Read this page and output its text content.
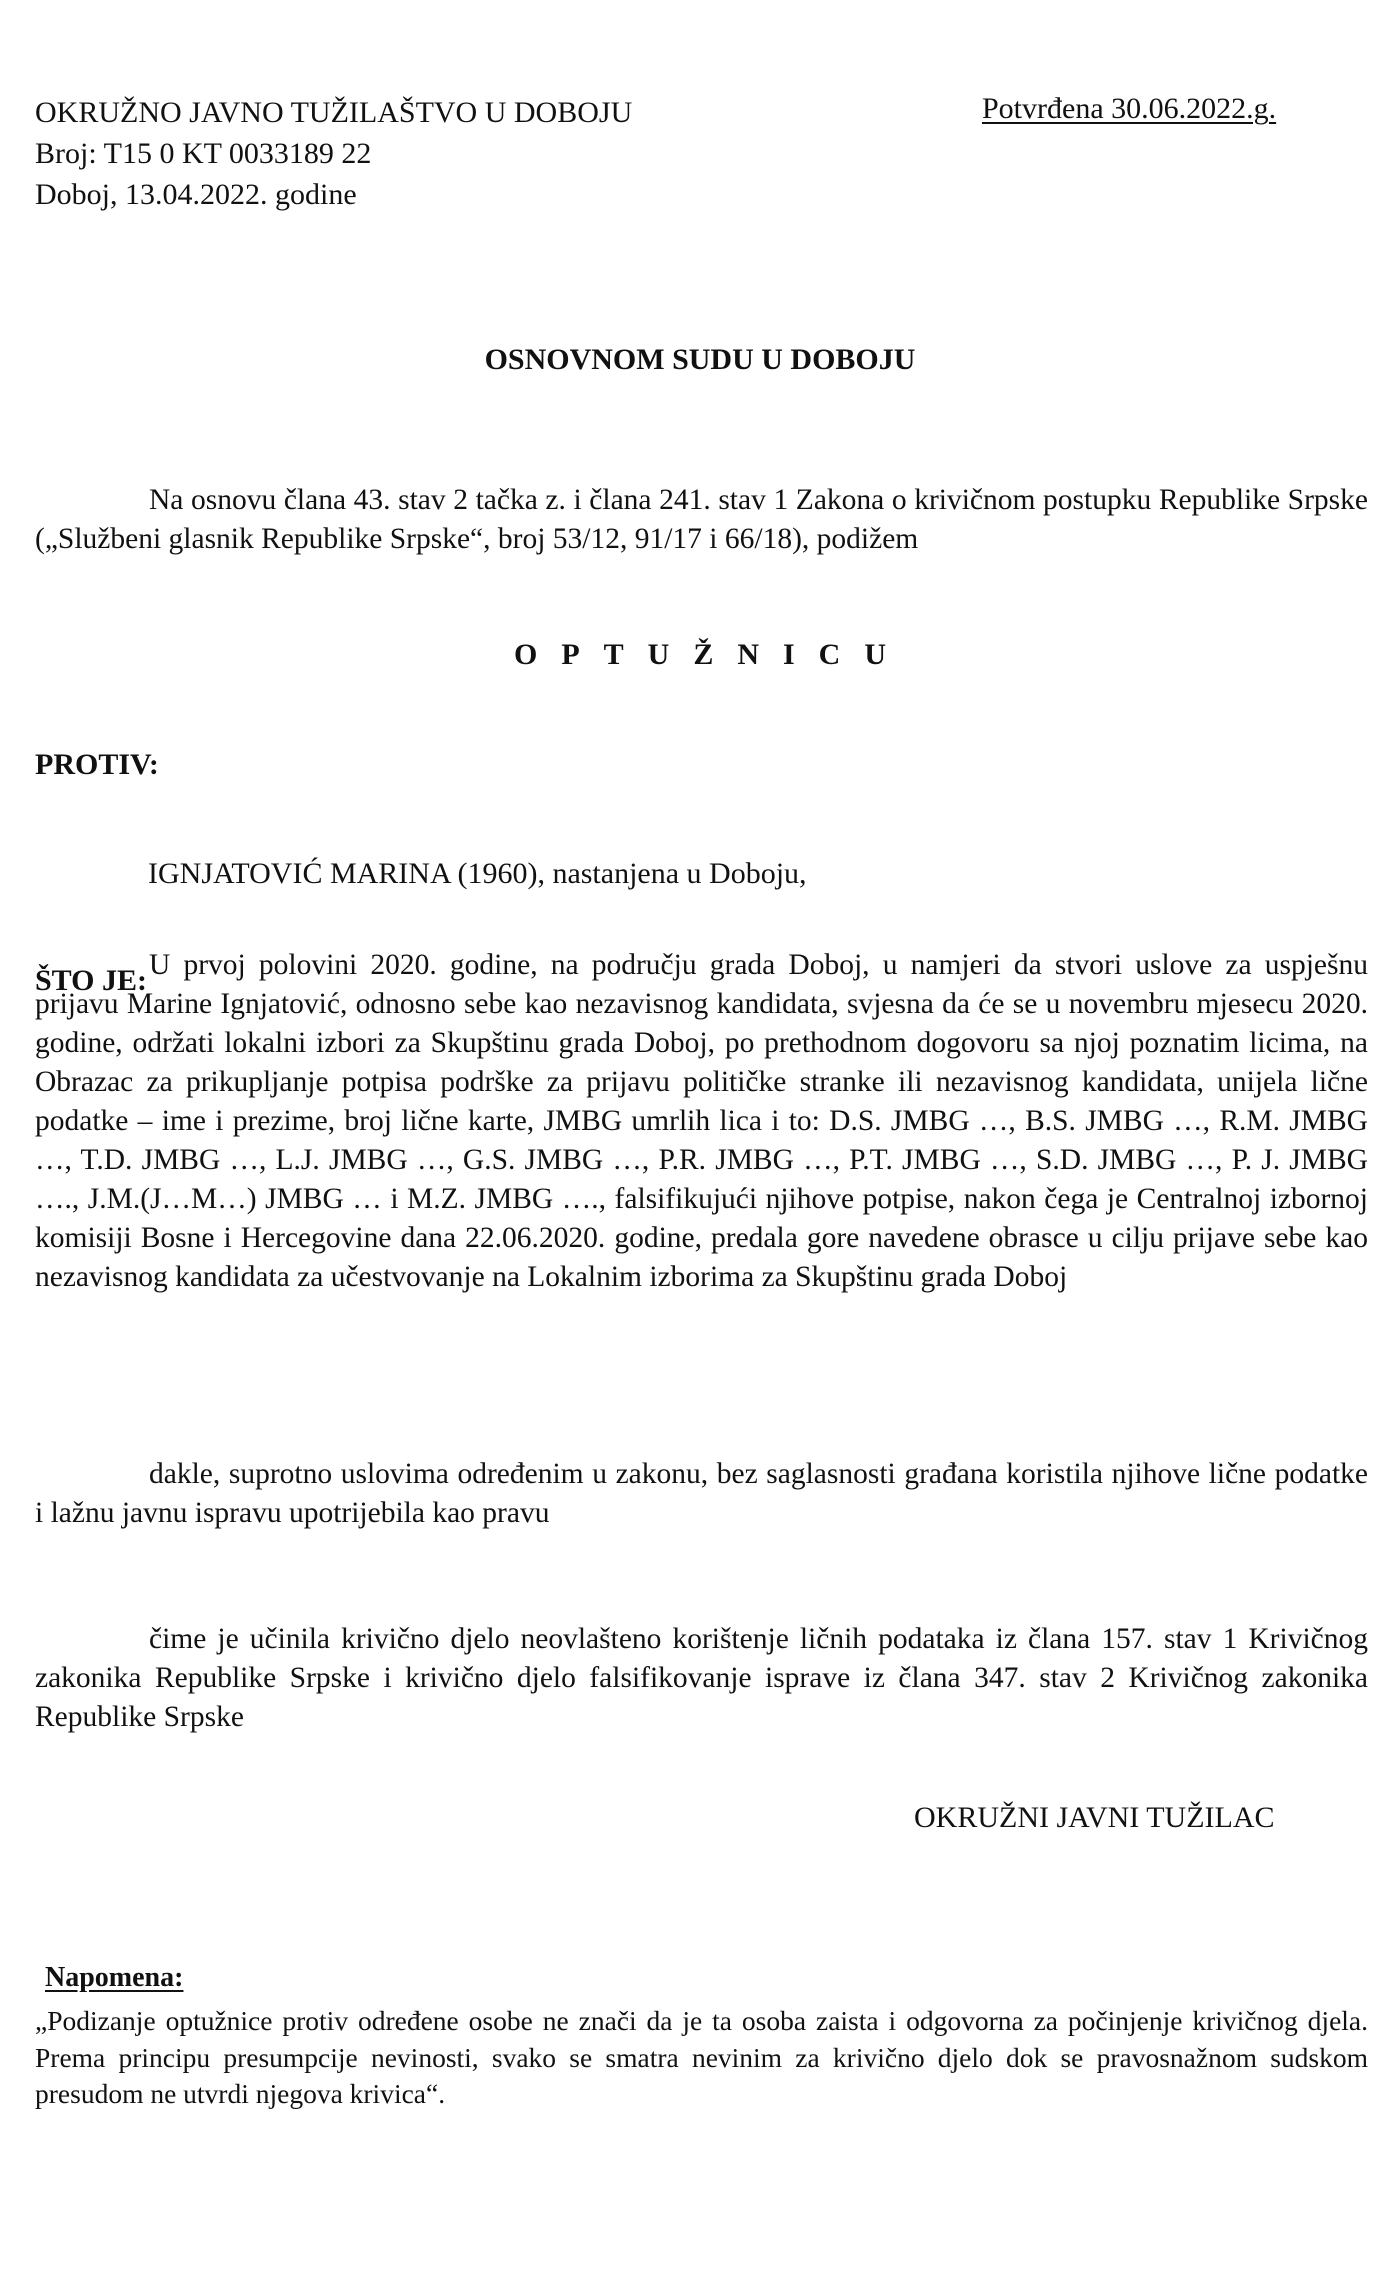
OKRUŽNO JAVNO TUŽILAŠTVO U DOBOJU
Broj: T15 0 KT 0033189 22
Doboj, 13.04.2022. godine
Potvrđena 30.06.2022.g.
OSNOVNOM SUDU U DOBOJU
Na osnovu člana 43. stav 2 tačka z. i člana 241. stav 1 Zakona o krivičnom postupku Republike Srpske („Službeni glasnik Republike Srpske“, broj 53/12, 91/17 i 66/18), podižem
OPTUŽNICU
PROTIV:
IGNJATOVIĆ MARINA (1960), nastanjena u Doboju,
ŠTO JE: U prvoj polovini 2020. godine, na području grada Doboj, u namjeri da stvori uslove za uspješnu prijavu Marine Ignjatović, odnosno sebe kao nezavisnog kandidata, svjesna da će se u novembru mjesecu 2020. godine, održati lokalni izbori za Skupštinu grada Doboj, po prethodnom dogovoru sa njoj poznatim licima, na Obrazac za prikupljanje potpisa podrške za prijavu političke stranke ili nezavisnog kandidata, unijela lične podatke – ime i prezime, broj lične karte, JMBG umrlih lica i to: D.S. JMBG …, B.S. JMBG …, R.M. JMBG …, T.D. JMBG …, L.J. JMBG …, G.S. JMBG …, P.R. JMBG …, P.T. JMBG …, S.D. JMBG …, P. J. JMBG …., J.M.(J…M…) JMBG … i M.Z. JMBG …., falsifikujući njihove potpise, nakon čega je Centralnoj izbornoj komisiji Bosne i Hercegovine dana 22.06.2020. godine, predala gore navedene obrasce u cilju prijave sebe kao nezavisnog kandidata za učestvovanje na Lokalnim izborima za Skupštinu grada Doboj
dakle, suprotno uslovima određenim u zakonu, bez saglasnosti građana koristila njihove lične podatke i lažnu javnu ispravu upotrijebila kao pravu
čime je učinila krivično djelo neovlašteno korištenje ličnih podataka iz člana 157. stav 1 Krivičnog zakonika Republike Srpske i krivično djelo falsifikovanje isprave iz člana 347. stav 2 Krivičnog zakonika Republike Srpske
OKRUŽNI JAVNI TUŽILAC
Napomena:
„Podizanje optužnice protiv određene osobe ne znači da je ta osoba zaista i odgovorna za počinjenje krivičnog djela. Prema principu presumpcije nevinosti, svako se smatra nevinim za krivično djelo dok se pravosnažnom sudskom presudom ne utvrdi njegova krivica“.
